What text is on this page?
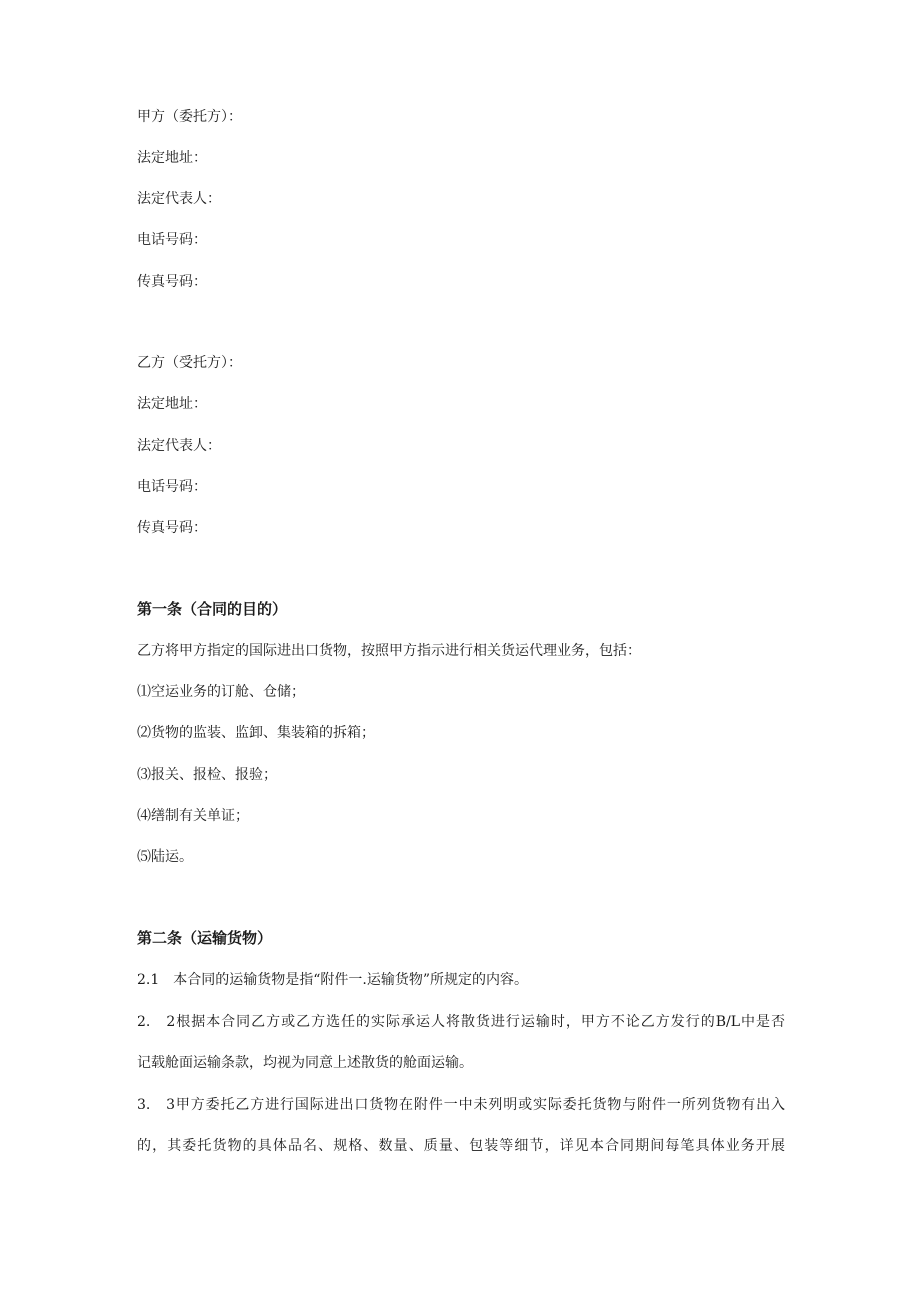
甲方（委托方）：
法定地址：
法定代表人：
电话号码：
传真号码：
乙方（受托方）：
法定地址：
法定代表人：
电话号码：
传真号码：
第一条（合同的目的）
乙方将甲方指定的国际进出口货物，按照甲方指示进行相关货运代理业务，包括：
⑴空运业务的订舱、仓储；
⑵货物的监装、监卸、集装箱的拆箱；
⑶报关、报检、报验；
⑷缮制有关单证；
⑸陆运。
第二条（运输货物）
2.1　本合同的运输货物是指“附件一.运输货物”所规定的内容。
2.　2根据本合同乙方或乙方选任的实际承运人将散货进行运输时，甲方不论乙方发行的B/L中是否
记载舱面运输条款，均视为同意上述散货的舱面运输。
3.　3甲方委托乙方进行国际进出口货物在附件一中未列明或实际委托货物与附件一所列货物有出入
的，其委托货物的具体品名、规格、数量、质量、包装等细节，详见本合同期间每笔具体业务开展
